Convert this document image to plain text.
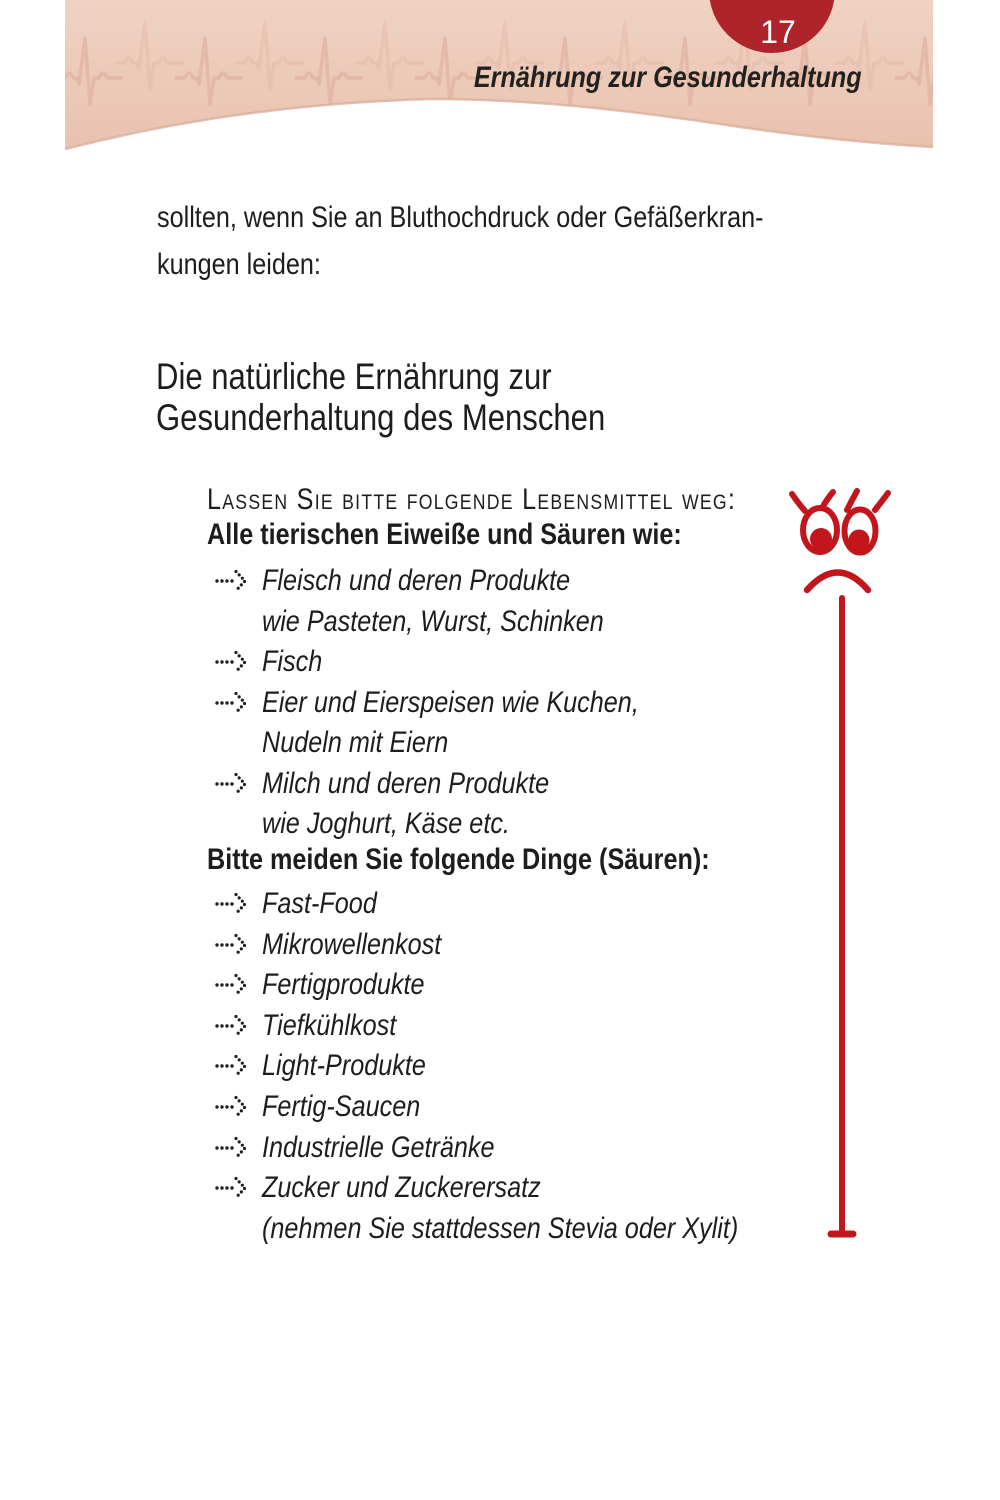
17
Ernährung zur Gesunderhaltung
sollten, wenn Sie an Bluthochdruck oder Gefäßerkran-
kungen leiden:
Die natürliche Ernährung zur
Gesunderhaltung des Menschen
Lassen Sie bitte folgende Lebensmittel weg:
Alle tierischen Eiweiße und Säuren wie:
Fleisch und deren Produkte
wie Pasteten, Wurst, Schinken
Fisch
Eier und Eierspeisen wie Kuchen,
Nudeln mit Eiern
Milch und deren Produkte
wie Joghurt, Käse etc.
Bitte meiden Sie folgende Dinge (Säuren):
Fast-Food
Mikrowellenkost
Fertigprodukte
Tiefkühlkost
Light-Produkte
Fertig-Saucen
Industrielle Getränke
Zucker und Zuckerersatz
(nehmen Sie stattdessen Stevia oder Xylit)
